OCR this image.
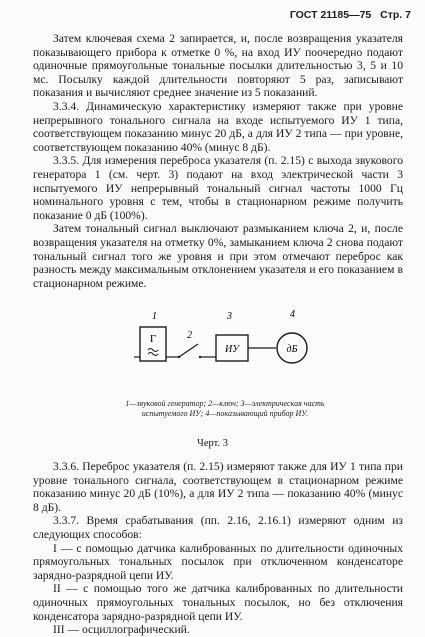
ГОСТ 21185—75 Стр. 7

Затем ключевая схема 2 запирается, и, после возвращения указателя показывающего прибора к отметке 0 %, на вход ИУ поочередно подают одиночные прямоугольные тональные посылки длительностью 3, 5 и 10 мс. Посылку каждой длительности повторяют 5 раз, записывают показания и вычисляют среднее значение из 5 показаний.

3.3.4. Динамическую характеристику измеряют также при уровне непрерывного тонального сигнала на входе испытуемого ИУ 1 типа, соответствующем показанию минус 20 дБ, а для ИУ 2 типа — при уровне, соответствующем показанию 40% (минус 8 дБ).

3.3.5. Для измерения переброса указателя (п. 2.15) с выхода звукового генератора 1 (см. черт. 3) подают на вход электрической части 3 испытуемого ИУ непрерывный тональный сигнал частоты 1000 Гц номинального уровня с тем, чтобы в стационарном режиме получить показание 0 дБ (100%).

Затем тональный сигнал выключают размыканием ключа 2, и, после возвращения указателя на отметку 0%, замыканием ключа 2 снова подают тональный сигнал того же уровня и при этом отмечают переброс как разность между максимальным отклонением указателя и его показанием в стационарном режиме.

1
2
3	4
Г
ИУ	дБ
1—звуковой генератор; 2—ключ; 3—электрическая часть испытуемого ИУ; 4—показывающий прибор ИУ.
Черт. 3

3.3.6. Переброс указателя (п. 2.15) измеряют также для ИУ 1 типа при уровне тонального сигнала, соответствующем в стационарном режиме показанию минус 20 дБ (10%), а для ИУ 2 типа — показанию 40% (минус 8 дБ).

3.3.7. Время срабатывания (пп. 2.16, 2.16.1) измеряют одним из следующих способов:

I — с помощью датчика калиброванных по длительности одиночных прямоугольных тональных посылок при отключенном конденсаторе зарядно-разрядной цепи ИУ.

II — с помощью того же датчика калиброванных по длительности одиночных прямоугольных тональных посылок, но без отключения конденсатора зарядно-разрядной цепи ИУ.

III — осциллографический.
